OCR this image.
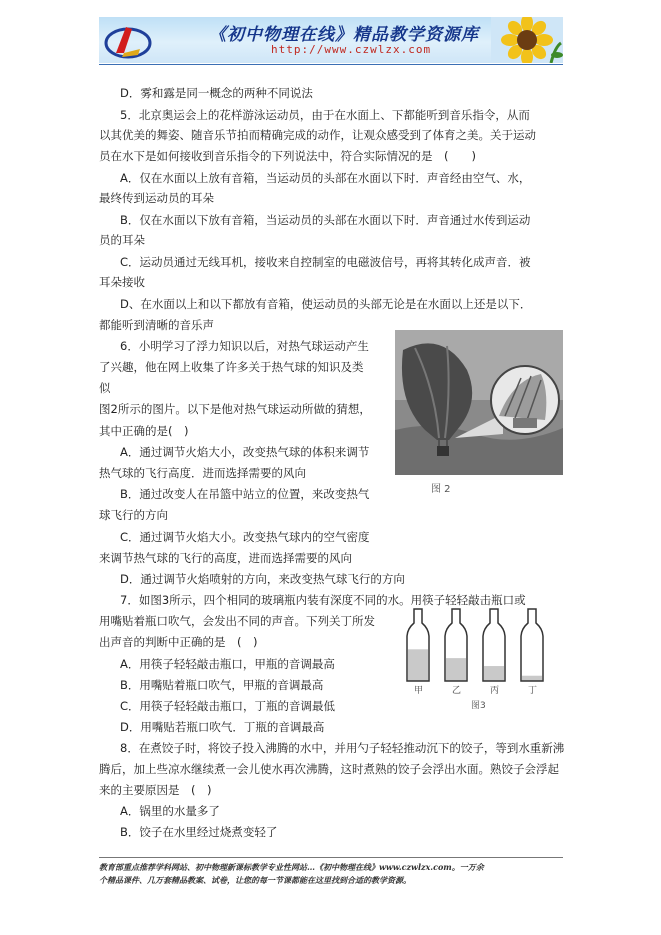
《初中物理在线》精品教学资源库
http://www.czwlzx.com
D．雾和露是同一概念的两种不同说法
5．北京奥运会上的花样游泳运动员，由于在水面上、下都能听到音乐指令，从而
以其优美的舞姿、随音乐节拍而精确完成的动作，让观众感受到了体育之美。关于运动
员在水下是如何接收到音乐指令的下列说法中，符合实际情况的是　(　　)
A．仅在水面以上放有音箱，当运动员的头部在水面以下时．声音经由空气、水，
最终传到运动员的耳朵
B．仅在水面以下放有音箱，当运动员的头部在水面以下时．声音通过水传到运动
员的耳朵
C．运动员通过无线耳机，接收来自控制室的电磁波信号，再将其转化成声音．被
耳朵接收
D、在水面以上和以下都放有音箱，使运动员的头部无论是在水面以上还是以下．
都能听到清晰的音乐声
6．小明学习了浮力知识以后，对热气球运动产生
了兴趣，他在网上收集了许多关于热气球的知识及类
似
图2所示的图片。以下是他对热气球运动所做的猜想，
其中正确的是(　)
A．通过调节火焰大小，改变热气球的体积来调节
热气球的飞行高度．进而选择需要的风向
B．通过改变人在吊篮中站立的位置，来改变热气
球飞行的方向
C．通过调节火焰大小。改变热气球内的空气密度
来调节热气球的飞行的高度，进而选择需要的风向
D．通过调节火焰喷射的方向，来改变热气球飞行的方向
7．如图3所示，四个相同的玻璃瓶内装有深度不同的水。用筷子轻轻敲击瓶口或
用嘴贴着瓶口吹气，会发出不同的声音。下列关丁所发
出声音的判断中正确的是　(　)
A．用筷子轻轻敲击瓶口，甲瓶的音调最高
B．用嘴贴着瓶口吹气，甲瓶的音调最高
C．用筷子轻轻敲击瓶口，丁瓶的音调最低
D．用嘴贴若瓶口吹气．丁瓶的音调最高
8．在煮饺子时，将饺子投入沸腾的水中，并用勺子轻轻推动沉下的饺子，等到水重新沸
腾后，加上些凉水继续煮一会儿使水再次沸腾，这时煮熟的饺子会浮出水面。熟饺子会浮起
来的主要原因是　(　)
A．锅里的水量多了
B．饺子在水里经过烧煮变轻了
图 2
甲	乙	丙	丁
图3
教育部重点推荐学科网站、初中物理新课标教学专业性网站…《初中物理在线》www.czwlzx.com。一万余
个精品课件、几万套精品教案、试卷，让您的每一节课都能在这里找到合适的教学资源。
